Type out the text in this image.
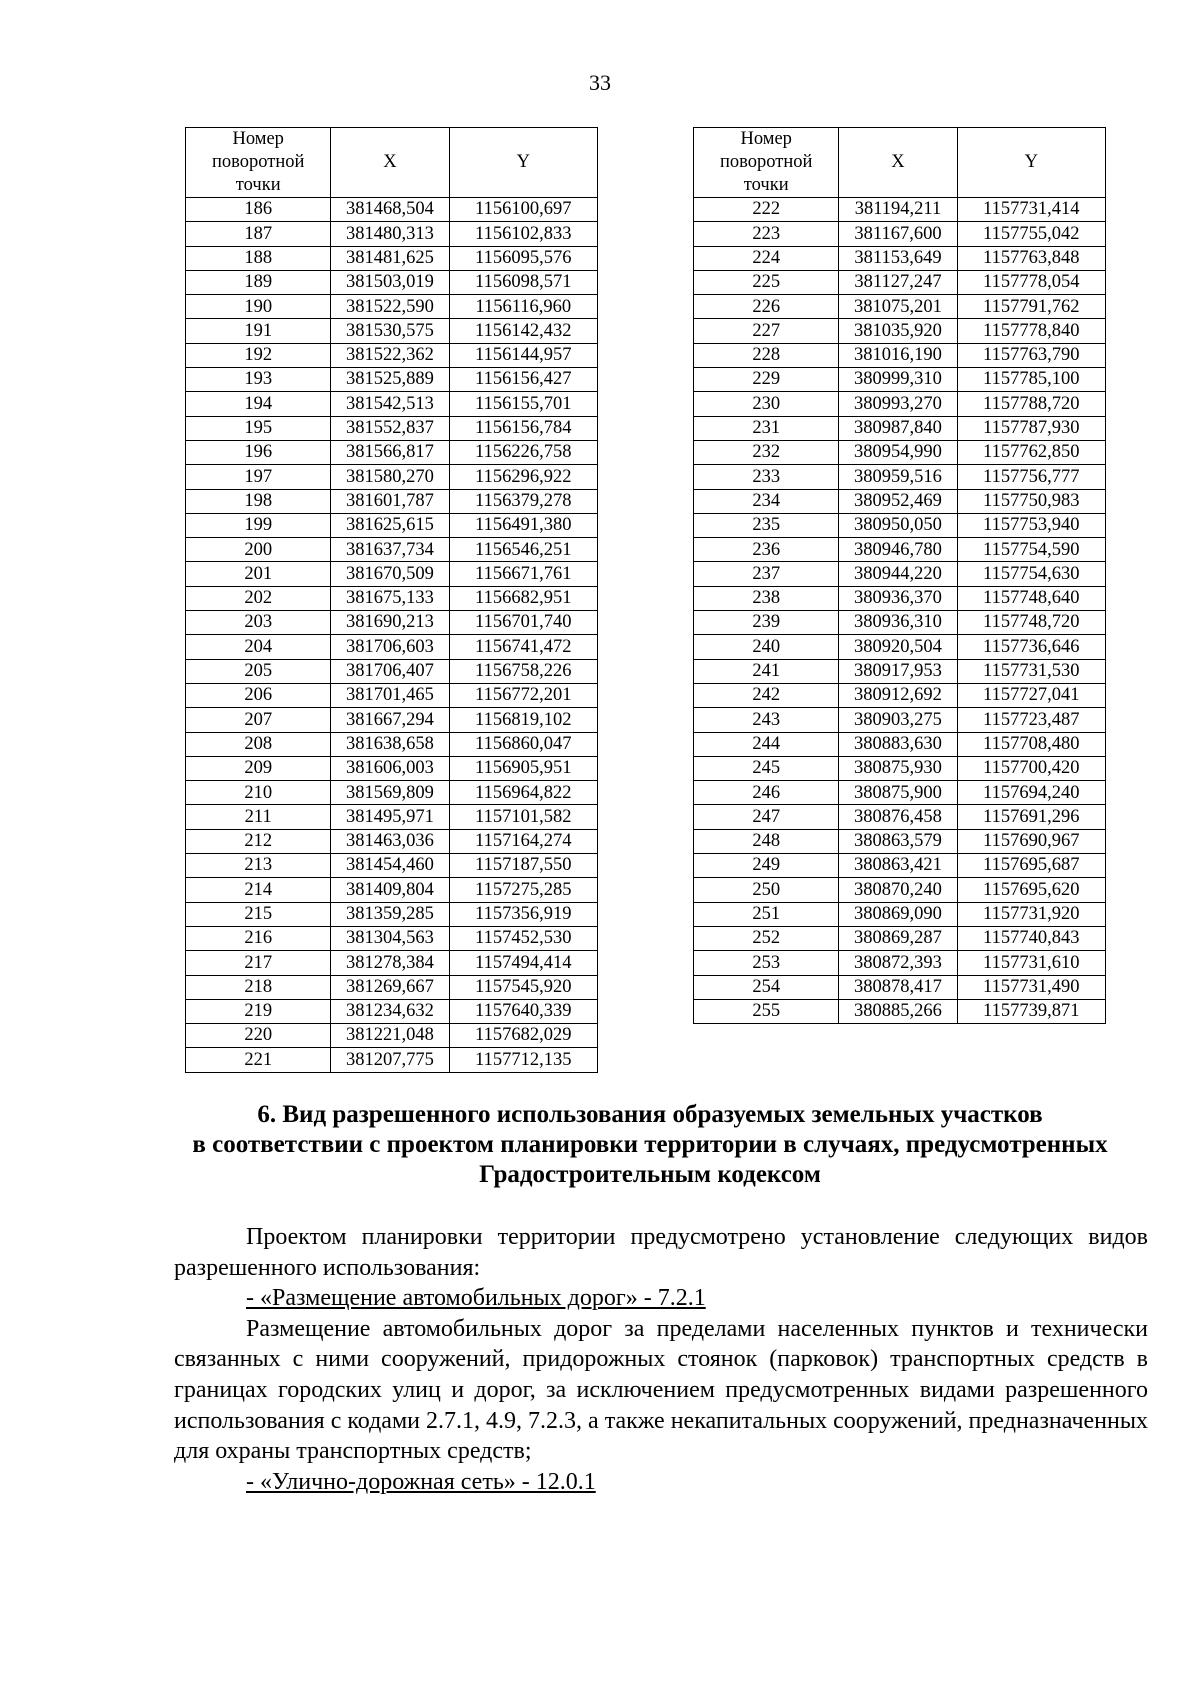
33
Номер
поворотной
точки	X	Y
186	381468,504	1156100,697
187	381480,313	1156102,833
188	381481,625	1156095,576
189	381503,019	1156098,571
190	381522,590	1156116,960
191	381530,575	1156142,432
192	381522,362	1156144,957
193	381525,889	1156156,427
194	381542,513	1156155,701
195	381552,837	1156156,784
196	381566,817	1156226,758
197	381580,270	1156296,922
198	381601,787	1156379,278
199	381625,615	1156491,380
200	381637,734	1156546,251
201	381670,509	1156671,761
202	381675,133	1156682,951
203	381690,213	1156701,740
204	381706,603	1156741,472
205	381706,407	1156758,226
206	381701,465	1156772,201
207	381667,294	1156819,102
208	381638,658	1156860,047
209	381606,003	1156905,951
210	381569,809	1156964,822
211	381495,971	1157101,582
212	381463,036	1157164,274
213	381454,460	1157187,550
214	381409,804	1157275,285
215	381359,285	1157356,919
216	381304,563	1157452,530
217	381278,384	1157494,414
218	381269,667	1157545,920
219	381234,632	1157640,339
220	381221,048	1157682,029
221	381207,775	1157712,135
Номер
поворотной
точки	X	Y
222	381194,211	1157731,414
223	381167,600	1157755,042
224	381153,649	1157763,848
225	381127,247	1157778,054
226	381075,201	1157791,762
227	381035,920	1157778,840
228	381016,190	1157763,790
229	380999,310	1157785,100
230	380993,270	1157788,720
231	380987,840	1157787,930
232	380954,990	1157762,850
233	380959,516	1157756,777
234	380952,469	1157750,983
235	380950,050	1157753,940
236	380946,780	1157754,590
237	380944,220	1157754,630
238	380936,370	1157748,640
239	380936,310	1157748,720
240	380920,504	1157736,646
241	380917,953	1157731,530
242	380912,692	1157727,041
243	380903,275	1157723,487
244	380883,630	1157708,480
245	380875,930	1157700,420
246	380875,900	1157694,240
247	380876,458	1157691,296
248	380863,579	1157690,967
249	380863,421	1157695,687
250	380870,240	1157695,620
251	380869,090	1157731,920
252	380869,287	1157740,843
253	380872,393	1157731,610
254	380878,417	1157731,490
255	380885,266	1157739,871
6. Вид разрешенного использования образуемых земельных участков
в соответствии с проектом планировки территории в случаях, предусмотренных
Градостроительным кодексом

Проектом планировки территории предусмотрено установление следующих видов разрешенного использования:

- «Размещение автомобильных дорог» - 7.2.1

Размещение автомобильных дорог за пределами населенных пунктов и технически связанных с ними сооружений, придорожных стоянок (парковок) транспортных средств в границах городских улиц и дорог, за исключением предусмотренных видами разрешенного использования с кодами 2.7.1, 4.9, 7.2.3, а также некапитальных сооружений, предназначенных для охраны транспортных средств;

- «Улично-дорожная сеть» - 12.0.1
